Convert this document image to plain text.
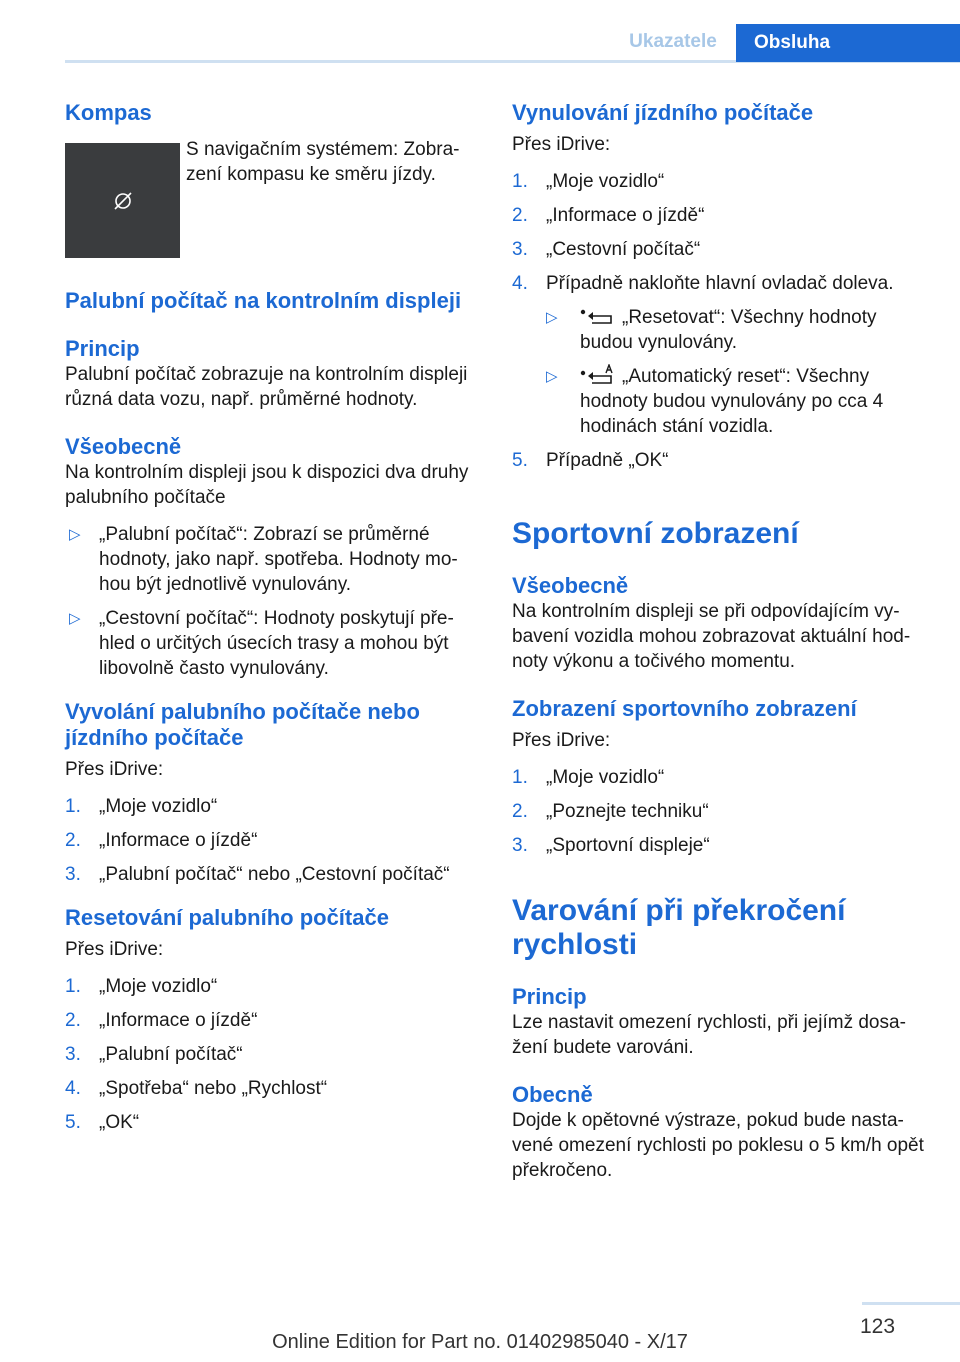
Ukazatele	Obsluha
Kompas
S navigačním systémem: Zobrazení kompasu ke směru jízdy.
Palubní počítač na kontrolním displeji
Princip

Palubní počítač zobrazuje na kontrolním displeji různá data vozu, např. průměrné hodnoty.

Všeobecně

Na kontrolním displeji jsou k dispozici dva druhy palubního počítače

▷ „Palubní počítač“: Zobrazí se průměrné hodnoty, jako např. spotřeba. Hodnoty mohou být jednotlivě vynulovány.
▷ „Cestovní počítač“: Hodnoty poskytují přehled o určitých úsecích trasy a mohou být libovolně často vynulovány.
Vyvolání palubního počítače nebo jízdního počítače

Přes iDrive:

1. „Moje vozidlo“
2. „Informace o jízdě“
3. „Palubní počítač“ nebo „Cestovní počítač“
Resetování palubního počítače

Přes iDrive:

1. „Moje vozidlo“
2. „Informace o jízdě“
3. „Palubní počítač“
4. „Spotřeba“ nebo „Rychlost“
5. „OK“
Vynulování jízdního počítače

Přes iDrive:

1. „Moje vozidlo“
2. „Informace o jízdě“
3. „Cestovní počítač“
4. Případně nakloňte hlavní ovladač doleva.
▷	„Resetovat“: Všechny hodnoty budou vynulovány.
▷	„Automatický reset“: Všechny hodnoty budou vynulovány po cca 4 hodinách stání vozidla.
5. Případně „OK“
Sportovní zobrazení
Všeobecně

Na kontrolním displeji se při odpovídajícím vybavení vozidla mohou zobrazovat aktuální hodnoty výkonu a točivého momentu.

Zobrazení sportovního zobrazení

Přes iDrive:

1. „Moje vozidlo“
2. „Poznejte techniku“
3. „Sportovní displeje“
Varování při překročení rychlosti
Princip

Lze nastavit omezení rychlosti, při jejímž dosažení budete varováni.

Obecně

Dojde k opětovné výstraze, pokud bude nastavené omezení rychlosti po poklesu o 5 km/h opět překročeno.

123
Online Edition for Part no. 01402985040 - X/17
